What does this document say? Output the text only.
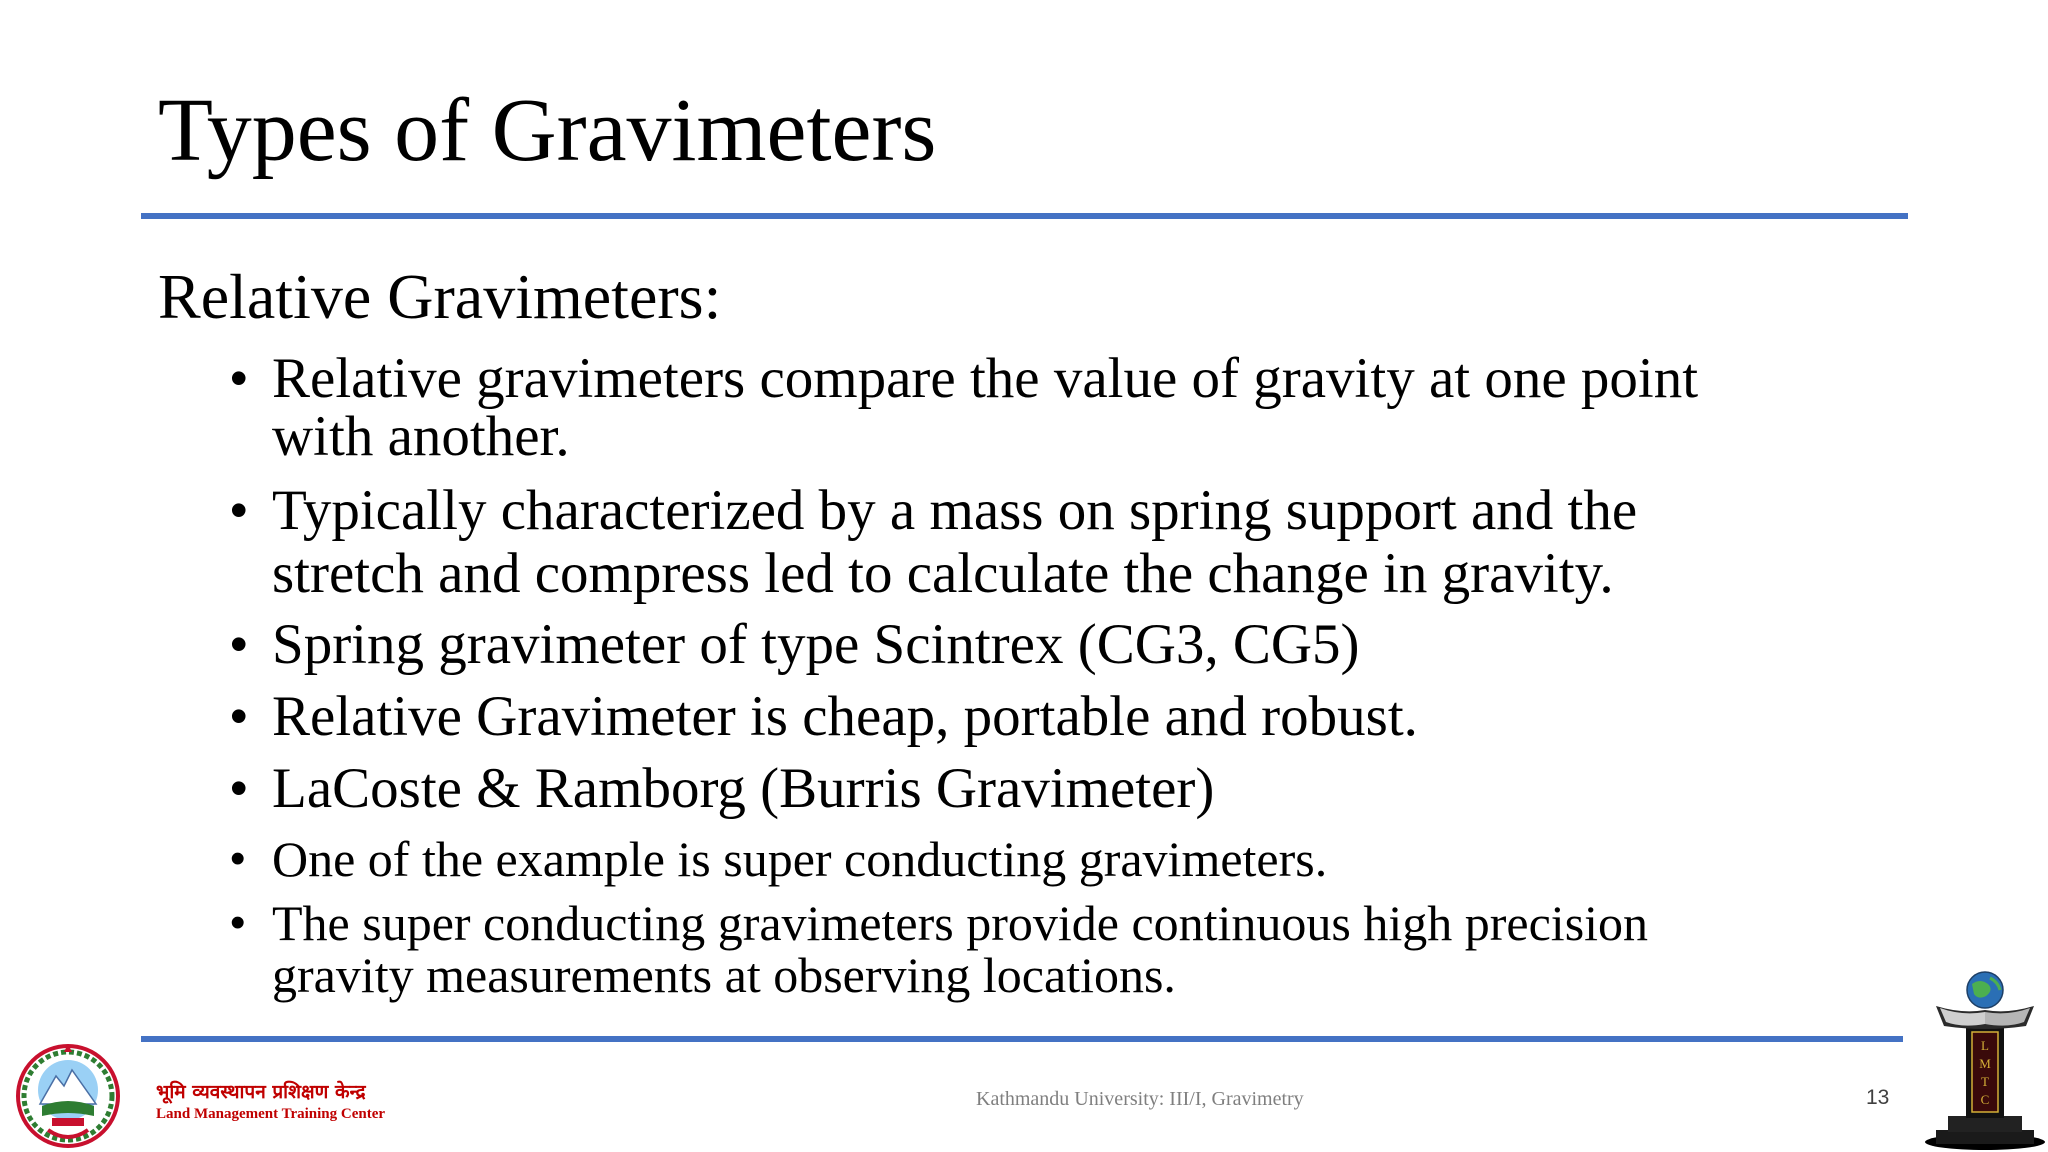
Types of Gravimeters
Relative Gravimeters:
• Relative gravimeters compare the value of gravity at one point
with another.
• Typically characterized by a mass on spring support and the
stretch and compress led to calculate the change in gravity.
• Spring gravimeter of type Scintrex (CG3, CG5)
• Relative Gravimeter is cheap, portable and robust.
• LaCoste & Ramborg (Burris Gravimeter)
• One of the example is super conducting gravimeters.
• The super conducting gravimeters provide continuous high precision
gravity measurements at observing locations.
भूमि व्यवस्थापन प्रशिक्षण केन्द्र
Land Management Training Center
Kathmandu University: III/I, Gravimetry	13
L
M
T
C
